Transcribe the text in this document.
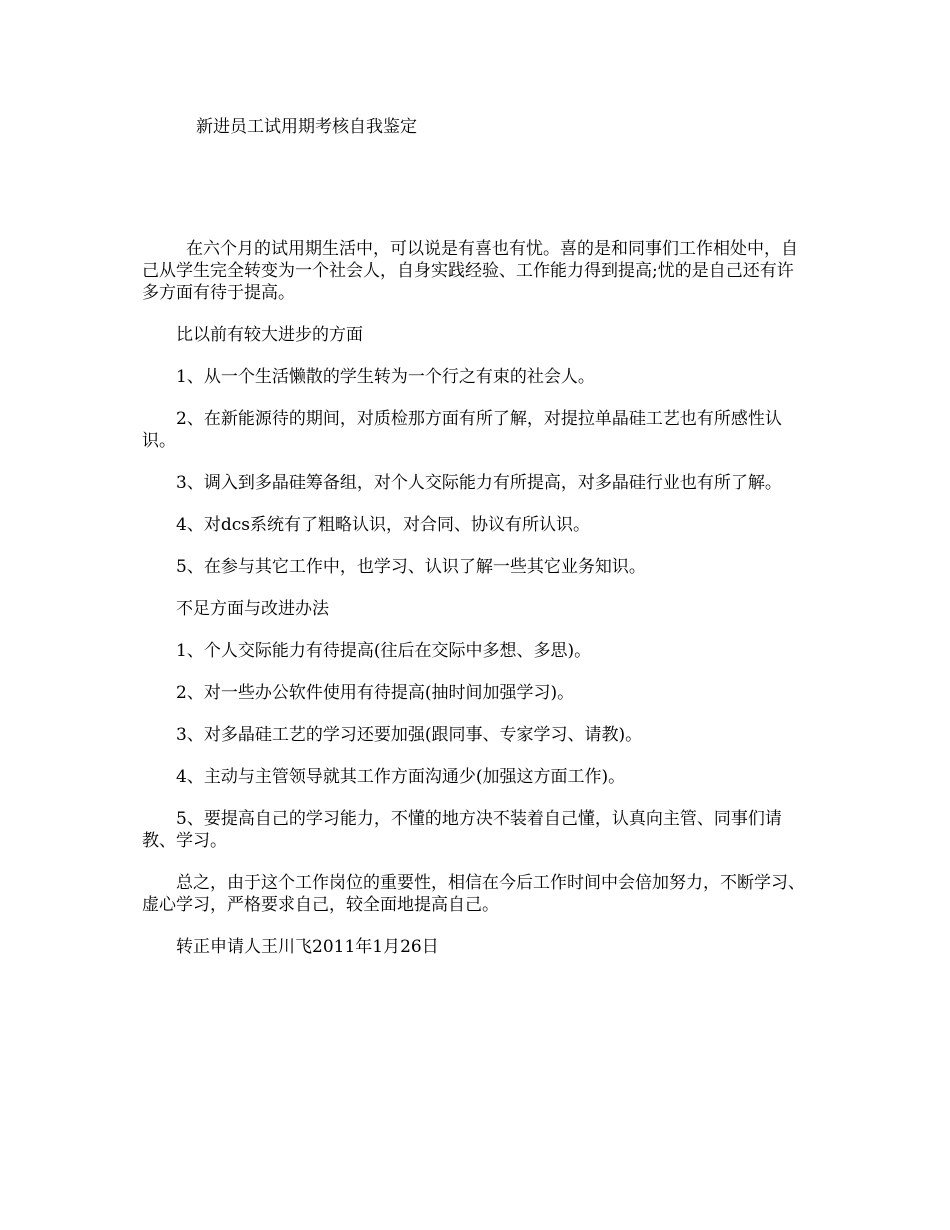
新进员工试用期考核自我鉴定

在六个月的试用期生活中，可以说是有喜也有忧。喜的是和同事们工作相处中，自己从学生完全转变为一个社会人，自身实践经验、工作能力得到提高;忧的是自己还有许多方面有待于提高。

比以前有较大进步的方面

1、从一个生活懒散的学生转为一个行之有束的社会人。

2、在新能源待的期间，对质检那方面有所了解，对提拉单晶硅工艺也有所感性认识。

3、调入到多晶硅筹备组，对个人交际能力有所提高，对多晶硅行业也有所了解。

4、对dcs系统有了粗略认识，对合同、协议有所认识。

5、在参与其它工作中，也学习、认识了解一些其它业务知识。

不足方面与改进办法

1、个人交际能力有待提高(往后在交际中多想、多思)。

2、对一些办公软件使用有待提高(抽时间加强学习)。

3、对多晶硅工艺的学习还要加强(跟同事、专家学习、请教)。

4、主动与主管领导就其工作方面沟通少(加强这方面工作)。

5、要提高自己的学习能力，不懂的地方决不装着自己懂，认真向主管、同事们请教、学习。

总之，由于这个工作岗位的重要性，相信在今后工作时间中会倍加努力，不断学习、虚心学习，严格要求自己，较全面地提高自己。

转正申请人王川飞2011年1月26日
